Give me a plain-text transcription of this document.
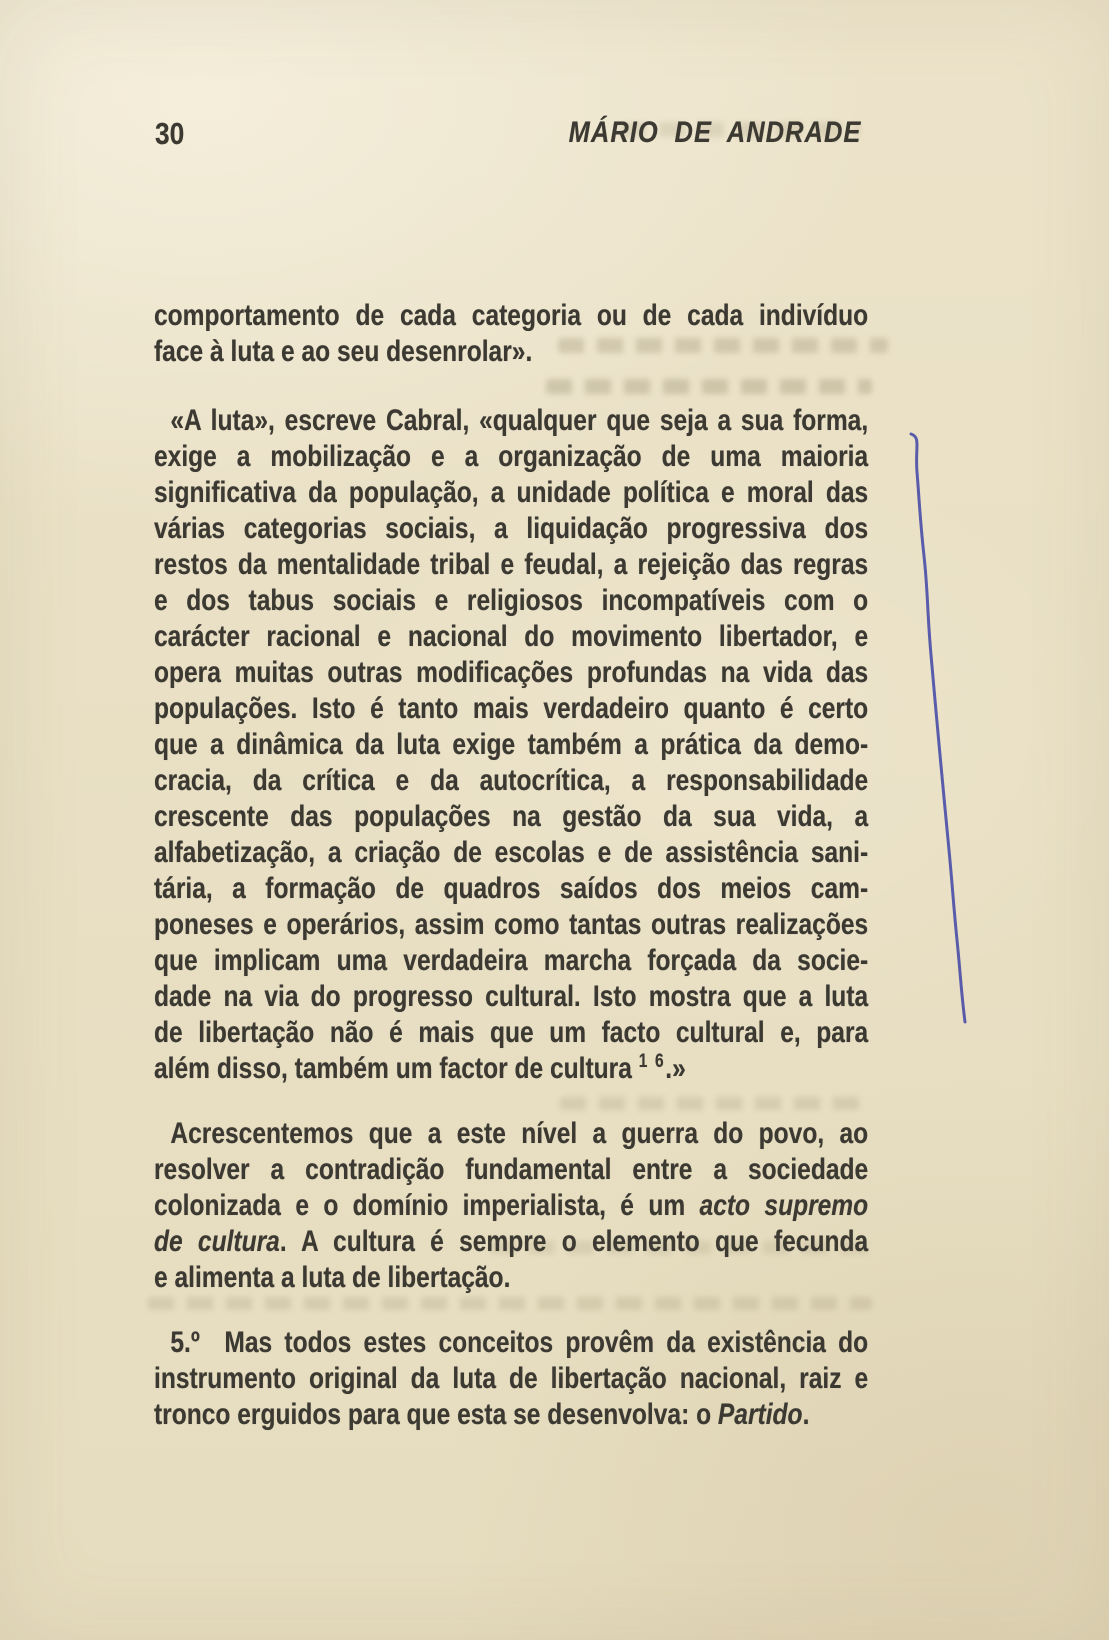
30	MÁRIO DE ANDRADE
comportamento de cada categoria ou de cada indivíduo
face à luta e ao seu desenrolar».
«A luta», escreve Cabral, «qualquer que seja a sua forma,
exige a mobilização e a organização de uma maioria
significativa da população, a unidade política e moral das
várias categorias sociais, a liquidação progressiva dos
restos da mentalidade tribal e feudal, a rejeição das regras
e dos tabus sociais e religiosos incompatíveis com o
carácter racional e nacional do movimento libertador, e
opera muitas outras modificações profundas na vida das
populações. Isto é tanto mais verdadeiro quanto é certo
que a dinâmica da luta exige também a prática da demo-
cracia, da crítica e da autocrítica, a responsabilidade
crescente das populações na gestão da sua vida, a
alfabetização, a criação de escolas e de assistência sani-
tária, a formação de quadros saídos dos meios cam-
poneses e operários, assim como tantas outras realizações
que implicam uma verdadeira marcha forçada da socie-
dade na via do progresso cultural. Isto mostra que a luta
de libertação não é mais que um facto cultural e, para
além disso, também um factor de cultura $^{1 6}$.»
Acrescentemos que a este nível a guerra do povo, ao
resolver a contradição fundamental entre a sociedade
colonizada e o domínio imperialista, é um acto supremo
de cultura. A cultura é sempre o elemento que fecunda
e alimenta a luta de libertação.
5.º  Mas todos estes conceitos provêm da existência do
instrumento original da luta de libertação nacional, raiz e
tronco erguidos para que esta se desenvolva: o Partido.
